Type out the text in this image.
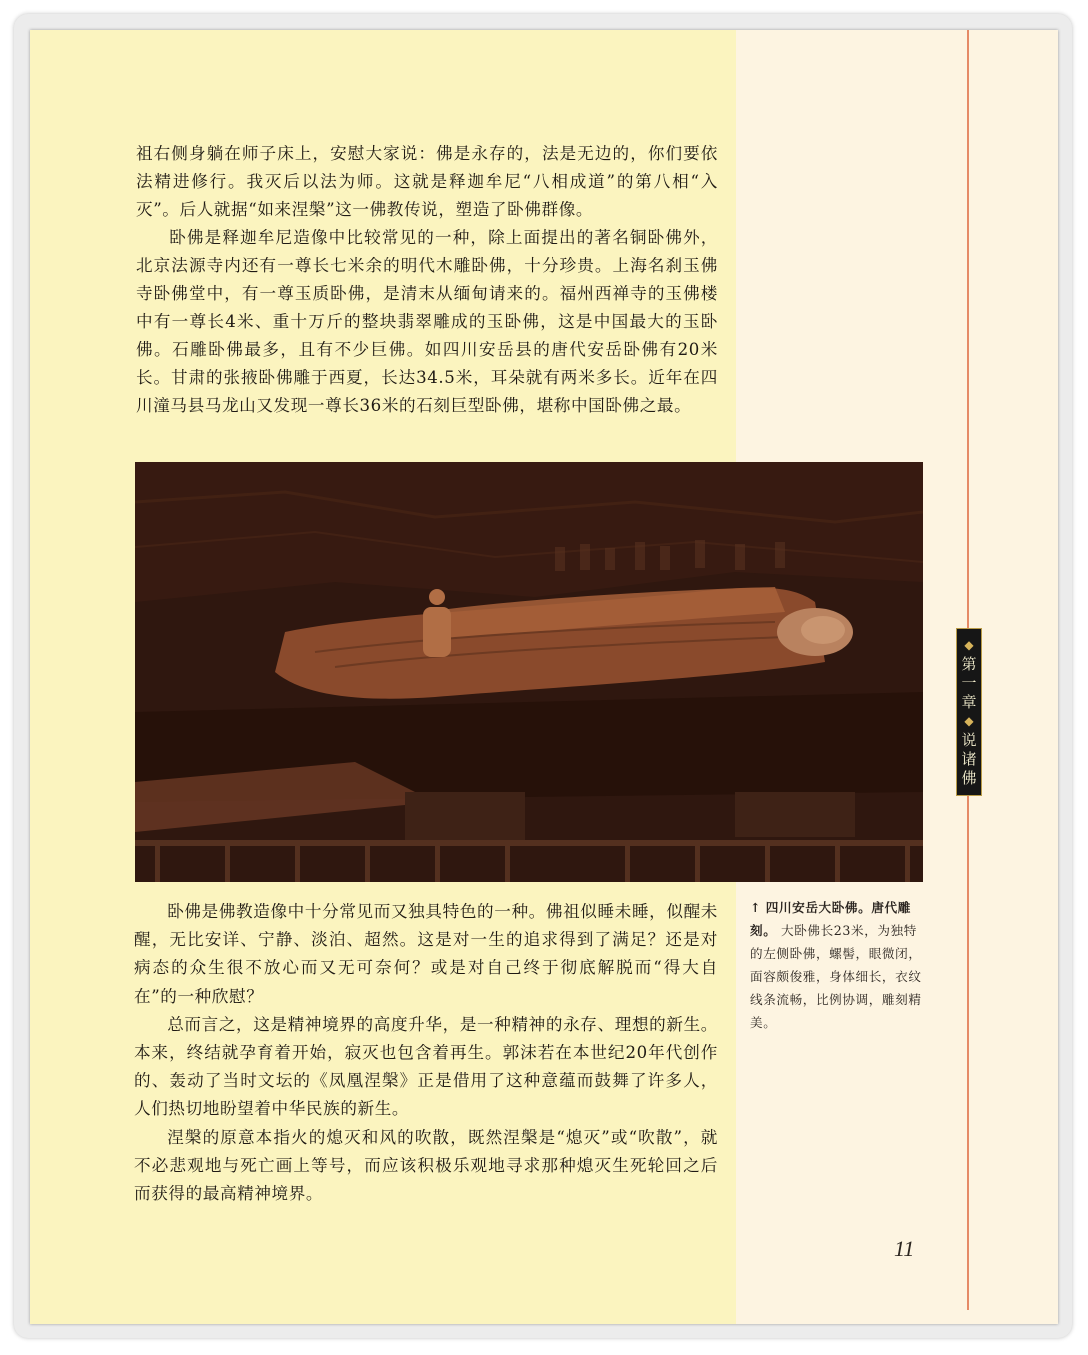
祖右侧身躺在师子床上，安慰大家说：佛是永存的，法是无边的，你们要依法精进修行。我灭后以法为师。这就是释迦牟尼“八相成道”的第八相“入灭”。后人就据“如来涅槃”这一佛教传说，塑造了卧佛群像。

卧佛是释迦牟尼造像中比较常见的一种，除上面提出的著名铜卧佛外，北京法源寺内还有一尊长七米余的明代木雕卧佛，十分珍贵。上海名刹玉佛寺卧佛堂中，有一尊玉质卧佛，是清末从缅甸请来的。福州西禅寺的玉佛楼中有一尊长4米、重十万斤的整块翡翠雕成的玉卧佛，这是中国最大的玉卧佛。石雕卧佛最多，且有不少巨佛。如四川安岳县的唐代安岳卧佛有20米长。甘肃的张掖卧佛雕于西夏，长达34.5米，耳朵就有两米多长。近年在四川潼马县马龙山又发现一尊长36米的石刻巨型卧佛，堪称中国卧佛之最。

↑ 四川安岳大卧佛。唐代雕刻。 大卧佛长23米，为独特的左侧卧佛，螺髻，眼微闭，面容颇俊雅，身体细长，衣纹线条流畅，比例协调，雕刻精美。

卧佛是佛教造像中十分常见而又独具特色的一种。佛祖似睡未睡，似醒未醒，无比安详、宁静、淡泊、超然。这是对一生的追求得到了满足？还是对病态的众生很不放心而又无可奈何？或是对自己终于彻底解脱而“得大自在”的一种欣慰？

总而言之，这是精神境界的高度升华，是一种精神的永存、理想的新生。本来，终结就孕育着开始，寂灭也包含着再生。郭沫若在本世纪20年代创作的、轰动了当时文坛的《凤凰涅槃》正是借用了这种意蕴而鼓舞了许多人，人们热切地盼望着中华民族的新生。

涅槃的原意本指火的熄灭和风的吹散，既然涅槃是“熄灭”或“吹散”，就不必悲观地与死亡画上等号，而应该积极乐观地寻求那种熄灭生死轮回之后而获得的最高精神境界。

◆
第
一
章
◆
说
诸
佛
11
